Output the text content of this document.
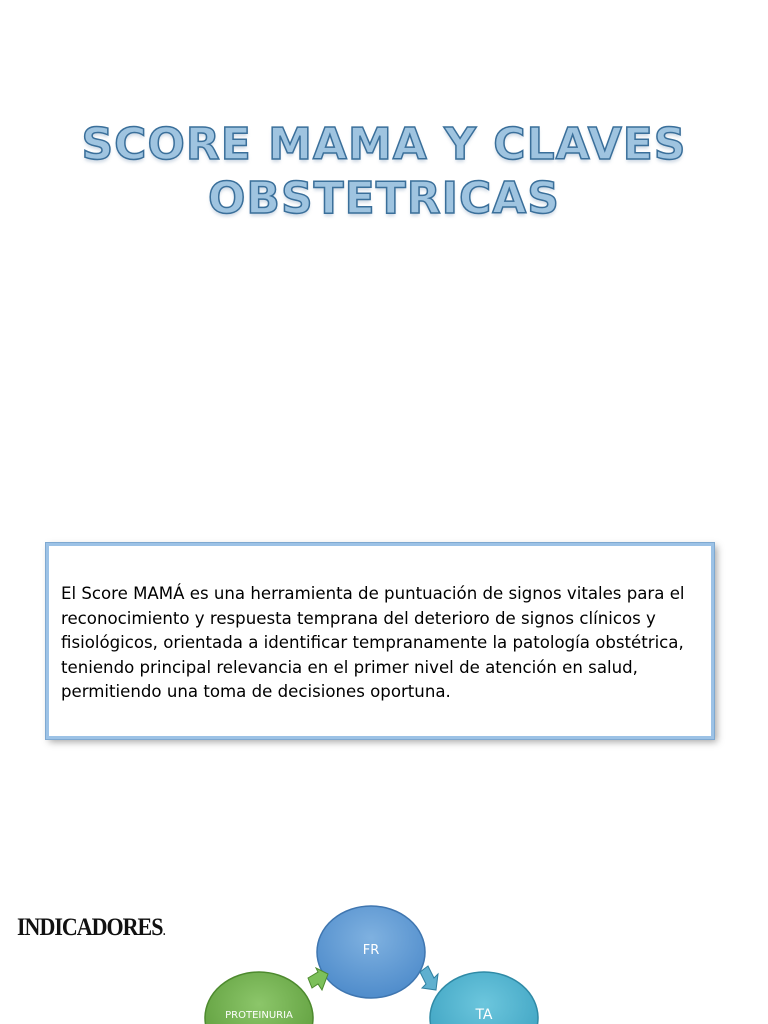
SCORE MAMA Y CLAVES
OBSTETRICAS
El Score MAMÁ es una herramienta de puntuación de signos vitales para el reconocimiento y respuesta temprana del deterioro de signos clínicos y fisiológicos, orientada a identificar tempranamente la patología obstétrica, teniendo principal relevancia en el primer nivel de atención en salud, permitiendo una toma de decisiones oportuna.
INDICADORES.
FR
TA
PROTEINURIA
